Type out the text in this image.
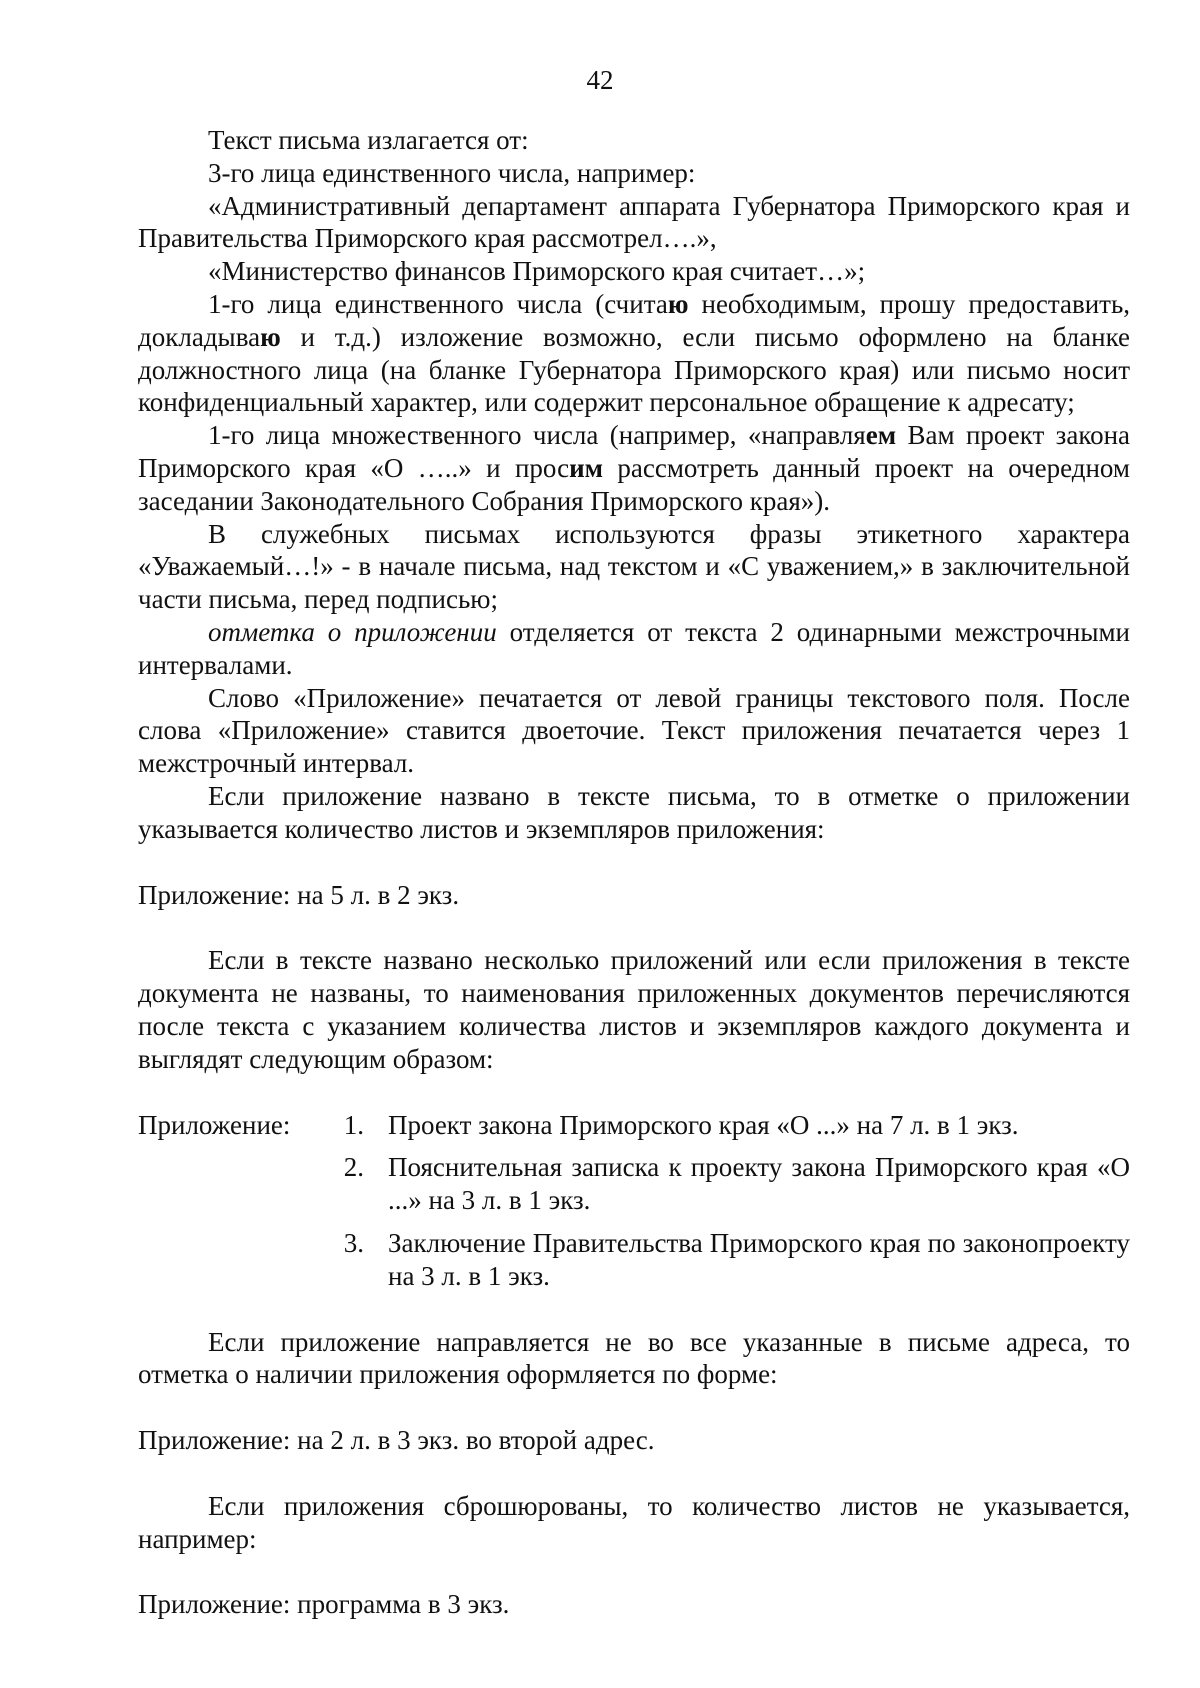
42

Текст письма излагается от:

3-го лица единственного числа, например:

«Административный департамент аппарата Губернатора Приморского края и Правительства Приморского края рассмотрел….»,

«Министерство финансов Приморского края считает…»;

1-го лица единственного числа (считаю необходимым, прошу предоставить, докладываю и т.д.) изложение возможно, если письмо оформлено на бланке должностного лица (на бланке Губернатора Приморского края) или письмо носит конфиденциальный характер, или содержит персональное обращение к адресату;

1-го лица множественного числа (например, «направляем Вам проект закона Приморского края «О …..» и просим рассмотреть данный проект на очередном заседании Законодательного Собрания Приморского края»).

В служебных письмах используются фразы этикетного характера «Уважаемый…!» - в начале письма, над текстом и «С уважением,» в заключительной части письма, перед подписью;

отметка о приложении отделяется от текста 2 одинарными межстрочными интервалами.

Слово «Приложение» печатается от левой границы текстового поля. После слова «Приложение» ставится двоеточие. Текст приложения печатается через 1 межстрочный интервал.

Если приложение названо в тексте письма, то в отметке о приложении указывается количество листов и экземпляров приложения:

Приложение: на 5 л. в 2 экз.

Если в тексте названо несколько приложений или если приложения в тексте документа не названы, то наименования приложенных документов перечисляются после текста с указанием количества листов и экземпляров каждого документа и выглядят следующим образом:

Приложение:	1. Проект закона Приморского края «О ...» на 7 л. в 1 экз.
2. Пояснительная записка к проекту закона Приморского края «О ...» на 3 л. в 1 экз.
3. Заключение Правительства Приморского края по законопроекту на 3 л. в 1 экз.

Если приложение направляется не во все указанные в письме адреса, то отметка о наличии приложения оформляется по форме:

Приложение: на 2 л. в 3 экз. во второй адрес.

Если приложения сброшюрованы, то количество листов не указывается, например:

Приложение: программа в 3 экз.
